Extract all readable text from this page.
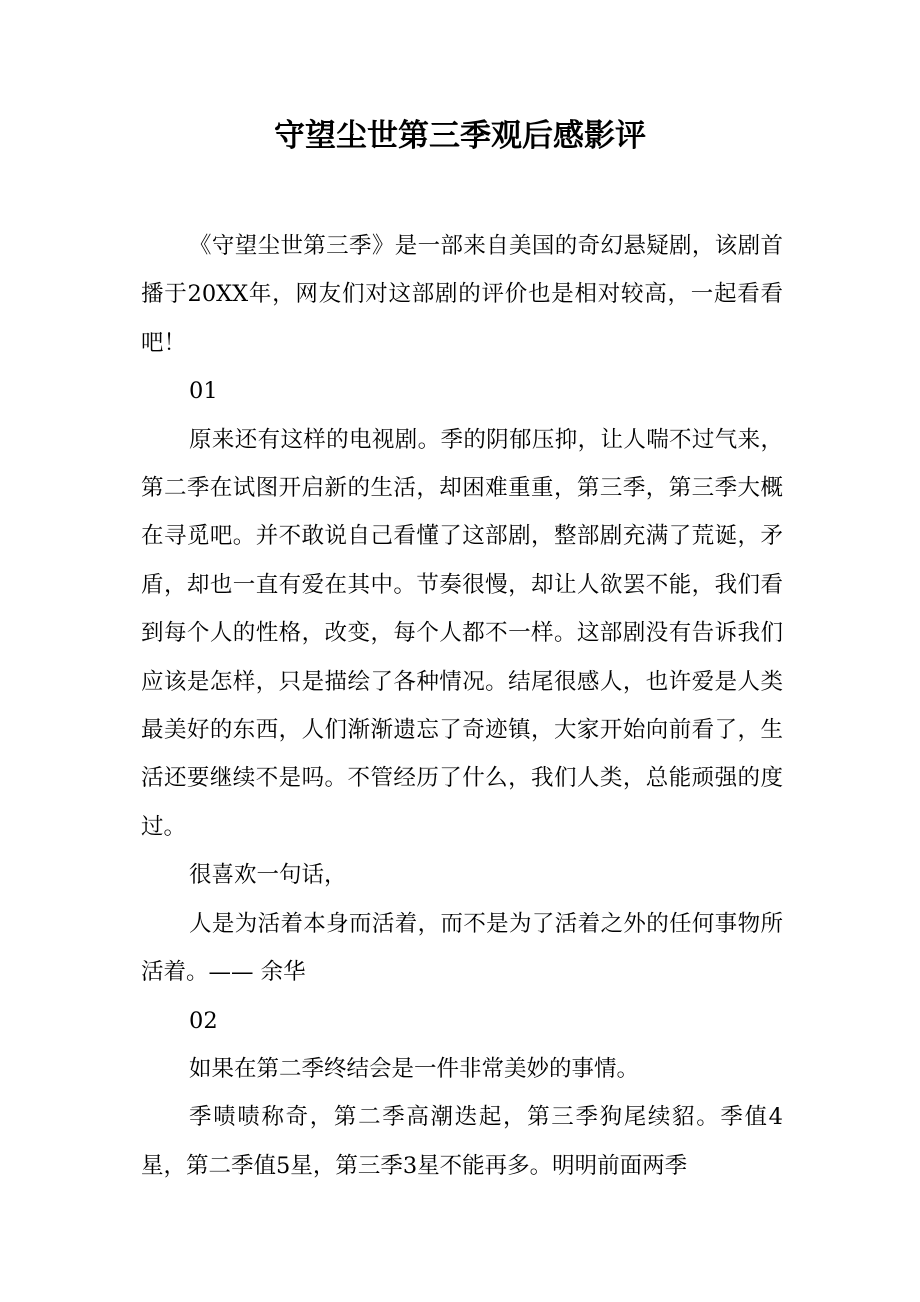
守望尘世第三季观后感影评

《守望尘世第三季》是一部来自美国的奇幻悬疑剧，该剧首播于20XX年，网友们对这部剧的评价也是相对较高，一起看看吧！

01

原来还有这样的电视剧。季的阴郁压抑，让人喘不过气来，第二季在试图开启新的生活，却困难重重，第三季，第三季大概在寻觅吧。并不敢说自己看懂了这部剧，整部剧充满了荒诞，矛盾，却也一直有爱在其中。节奏很慢，却让人欲罢不能，我们看到每个人的性格，改变，每个人都不一样。这部剧没有告诉我们应该是怎样，只是描绘了各种情况。结尾很感人，也许爱是人类最美好的东西，人们渐渐遗忘了奇迹镇，大家开始向前看了，生活还要继续不是吗。不管经历了什么，我们人类，总能顽强的度过。

很喜欢一句话，

人是为活着本身而活着，而不是为了活着之外的任何事物所活着。—— 余华

02

如果在第二季终结会是一件非常美妙的事情。

季啧啧称奇，第二季高潮迭起，第三季狗尾续貂。季值4星，第二季值5星，第三季3星不能再多。明明前面两季
